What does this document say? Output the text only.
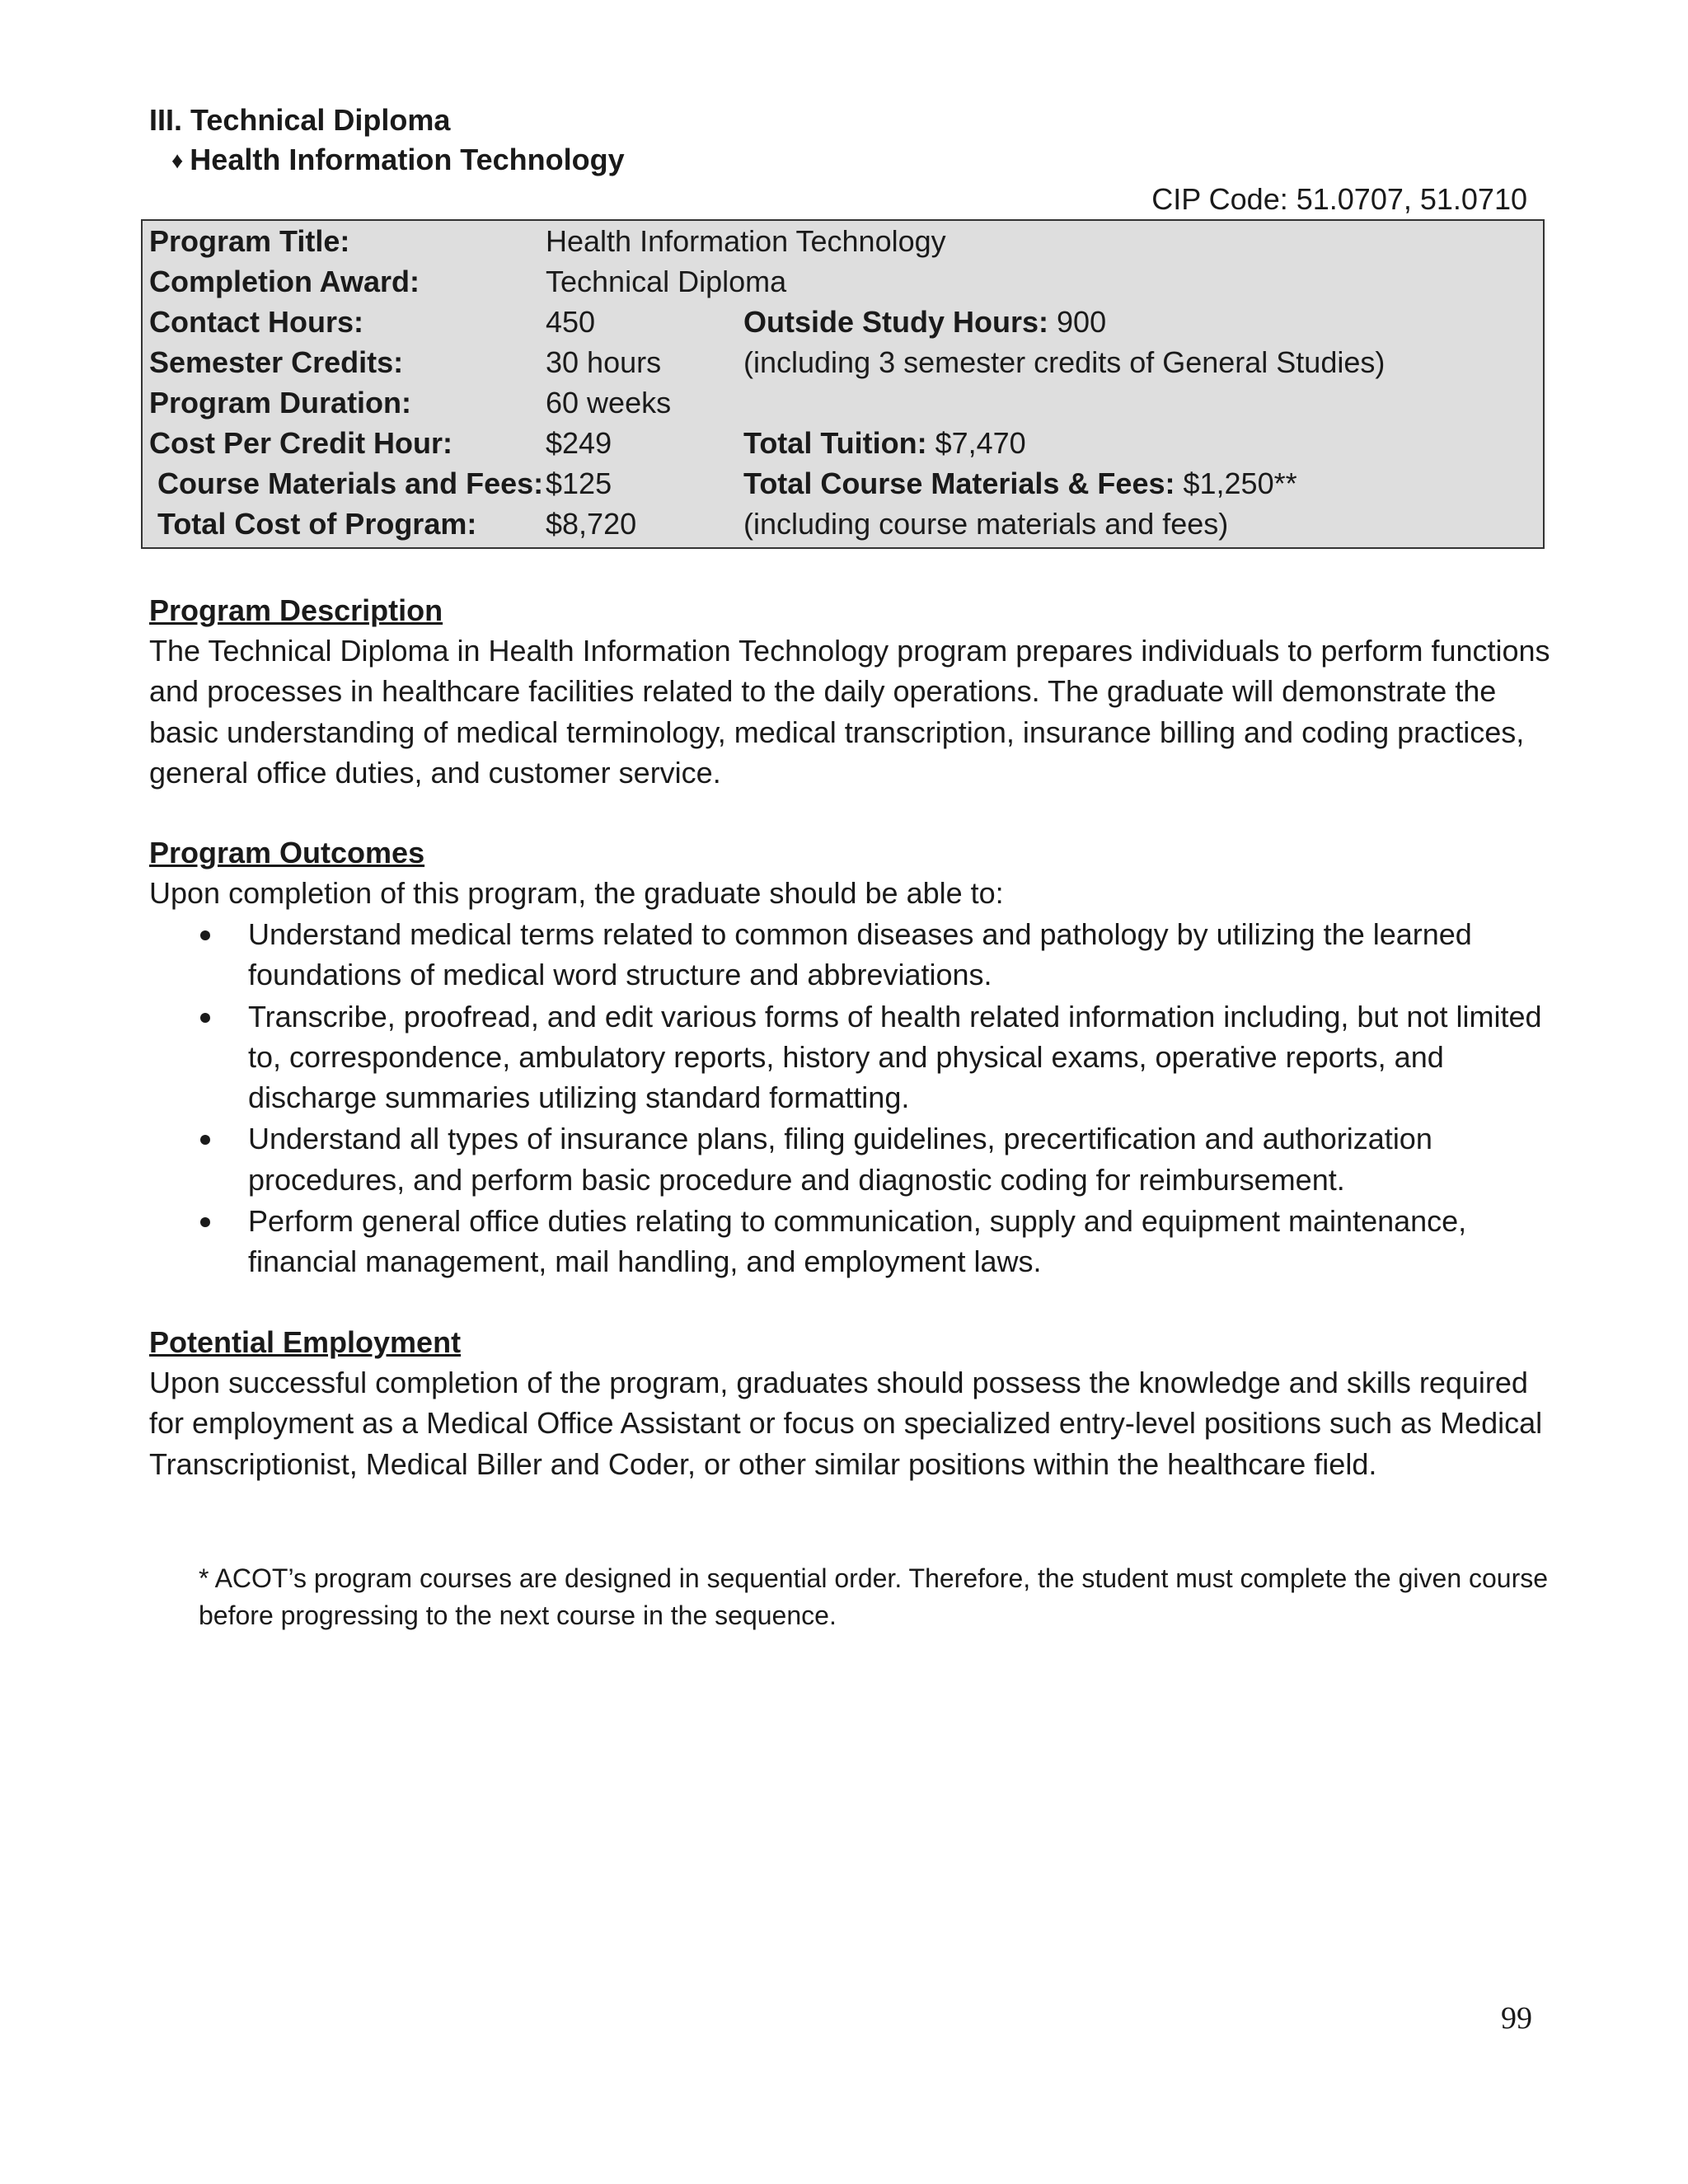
III. Technical Diploma
♦ Health Information Technology
CIP Code: 51.0707, 51.0710
Program Title:	Health Information Technology
Completion Award:	Technical Diploma
Contact Hours:	450	Outside Study Hours: 900
Semester Credits:	30 hours	(including 3 semester credits of General Studies)
Program Duration:	60 weeks
Cost Per Credit Hour:	$249	Total Tuition: $7,470
Course Materials and Fees: $125	Total Course Materials & Fees: $1,250**
Total Cost of Program: $8,720	(including course materials and fees)
Program Description

The Technical Diploma in Health Information Technology program prepares individuals to perform functions and processes in healthcare facilities related to the daily operations. The graduate will demonstrate the basic understanding of medical terminology, medical transcription, insurance billing and coding practices, general office duties, and customer service.

Program Outcomes

Upon completion of this program, the graduate should be able to:

Understand medical terms related to common diseases and pathology by utilizing the learned foundations of medical word structure and abbreviations.
Transcribe, proofread, and edit various forms of health related information including, but not limited to, correspondence, ambulatory reports, history and physical exams, operative reports, and discharge summaries utilizing standard formatting.
Understand all types of insurance plans, filing guidelines, precertification and authorization procedures, and perform basic procedure and diagnostic coding for reimbursement.
Perform general office duties relating to communication, supply and equipment maintenance, financial management, mail handling, and employment laws.
Potential Employment

Upon successful completion of the program, graduates should possess the knowledge and skills required for employment as a Medical Office Assistant or focus on specialized entry-level positions such as Medical Transcriptionist, Medical Biller and Coder, or other similar positions within the healthcare field.

* ACOT’s program courses are designed in sequential order. Therefore, the student must complete the given course before progressing to the next course in the sequence.

99
